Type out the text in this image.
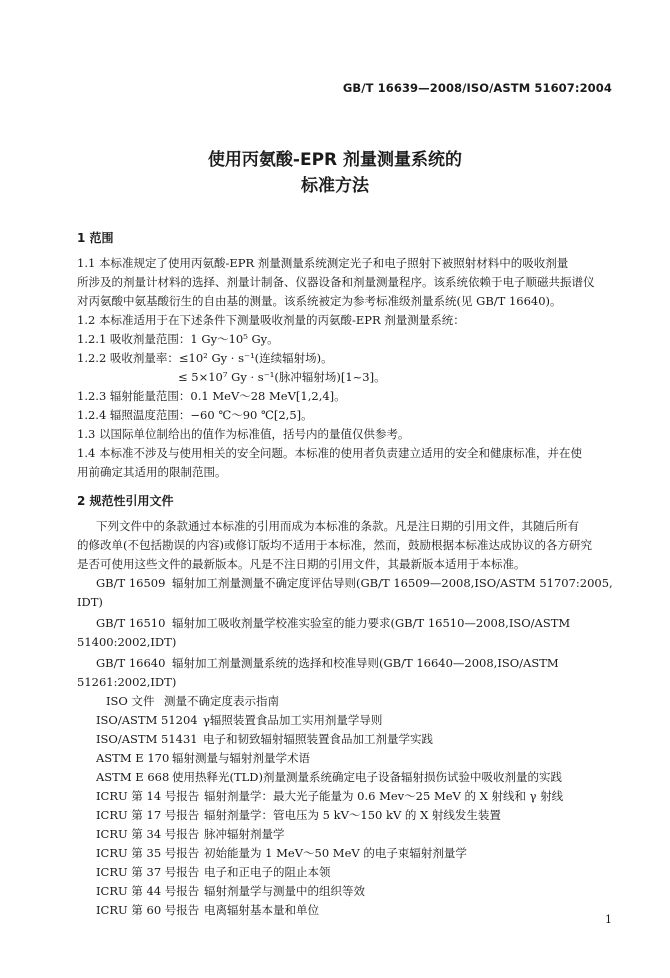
GB/T 16639—2008/ISO/ASTM 51607:2004
使用丙氨酸-EPR 剂量测量系统的
标准方法
1 范围
1.1 本标准规定了使用丙氨酸-EPR 剂量测量系统测定光子和电子照射下被照射材料中的吸收剂量
所涉及的剂量计材料的选择、剂量计制备、仪器设备和剂量测量程序。该系统依赖于电子顺磁共振谱仪
对丙氨酸中氨基酸衍生的自由基的测量。该系统被定为参考标准级剂量系统(见 GB/T 16640)。
1.2 本标准适用于在下述条件下测量吸收剂量的丙氨酸-EPR 剂量测量系统：
1.2.1 吸收剂量范围：1 Gy～10⁵ Gy。
1.2.2 吸收剂量率：≤10² Gy · s⁻¹(连续辐射场)。
≤ 5×10⁷ Gy · s⁻¹(脉冲辐射场)[1~3]。
1.2.3 辐射能量范围：0.1 MeV～28 MeV[1,2,4]。
1.2.4 辐照温度范围：−60 ℃～90 ℃[2,5]。
1.3 以国际单位制给出的值作为标准值，括号内的量值仅供参考。
1.4 本标准不涉及与使用相关的安全问题。本标准的使用者负责建立适用的安全和健康标准，并在使
用前确定其适用的限制范围。
2 规范性引用文件
下列文件中的条款通过本标准的引用而成为本标准的条款。凡是注日期的引用文件，其随后所有
的修改单(不包括勘误的内容)或修订版均不适用于本标准，然而，鼓励根据本标准达成协议的各方研究
是否可使用这些文件的最新版本。凡是不注日期的引用文件，其最新版本适用于本标准。
GB/T 16509 辐射加工剂量测量不确定度评估导则(GB/T 16509—2008,ISO/ASTM 51707:2005,
IDT)
GB/T 16510 辐射加工吸收剂量学校准实验室的能力要求(GB/T 16510—2008,ISO/ASTM
51400:2002,IDT)
GB/T 16640 辐射加工剂量测量系统的选择和校准导则(GB/T 16640—2008,ISO/ASTM
51261:2002,IDT)
ISO 文件 测量不确定度表示指南
ISO/ASTM 51204 γ辐照装置食品加工实用剂量学导则
ISO/ASTM 51431 电子和韧致辐射辐照装置食品加工剂量学实践
ASTM E 170 辐射测量与辐射剂量学术语
ASTM E 668 使用热释光(TLD)剂量测量系统确定电子设备辐射损伤试验中吸收剂量的实践
ICRU 第 14 号报告 辐射剂量学：最大光子能量为 0.6 Mev～25 MeV 的 X 射线和 γ 射线
ICRU 第 17 号报告 辐射剂量学：管电压为 5 kV～150 kV 的 X 射线发生装置
ICRU 第 34 号报告 脉冲辐射剂量学
ICRU 第 35 号报告 初始能量为 1 MeV～50 MeV 的电子束辐射剂量学
ICRU 第 37 号报告 电子和正电子的阻止本领
ICRU 第 44 号报告 辐射剂量学与测量中的组织等效
ICRU 第 60 号报告 电离辐射基本量和单位
1
